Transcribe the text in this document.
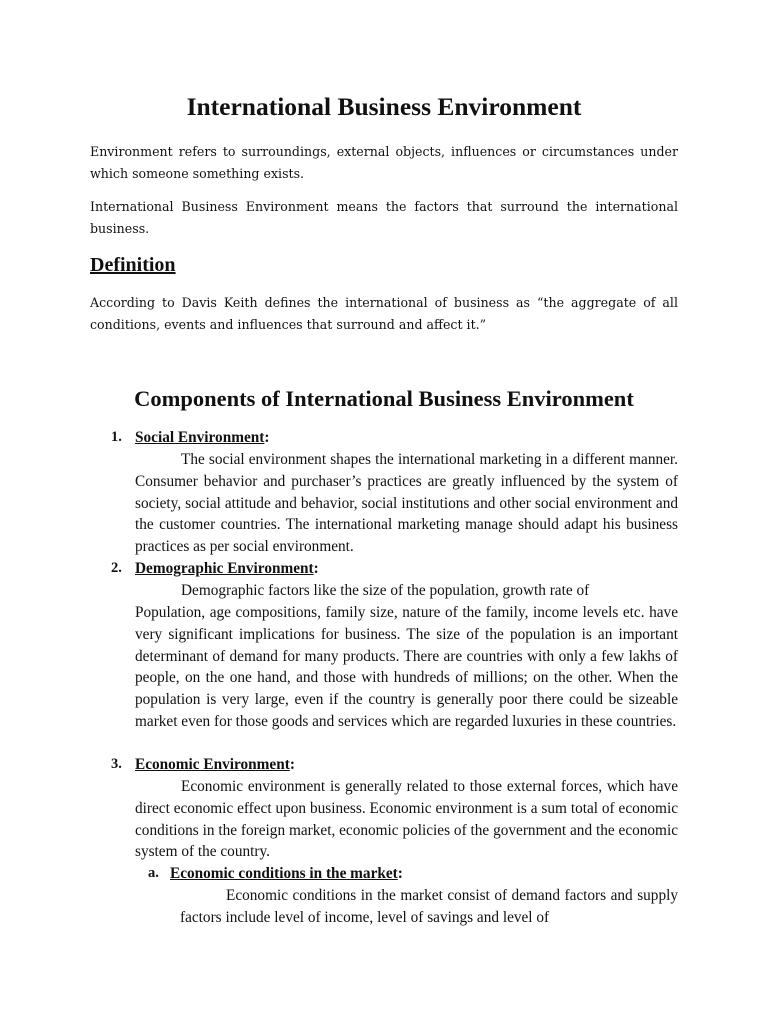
International Business Environment

Environment refers to surroundings, external objects, influences or circumstances under which someone something exists.

International Business Environment means the factors that surround the international business.

Definition

According to Davis Keith defines the international of business as “the aggregate of all conditions, events and influences that surround and affect it.”

Components of International Business Environment
1. Social Environment:

The social environment shapes the international marketing in a different manner. Consumer behavior and purchaser’s practices are greatly influenced by the system of society, social attitude and behavior, social institutions and other social environment and the customer countries. The international marketing manage should adapt his business practices as per social environment.

2. Demographic Environment:

Demographic factors like the size of the population, growth rate of

Population, age compositions, family size, nature of the family, income levels etc. have very significant implications for business. The size of the population is an important determinant of demand for many products. There are countries with only a few lakhs of people, on the one hand, and those with hundreds of millions; on the other. When the population is very large, even if the country is generally poor there could be sizeable market even for those goods and services which are regarded luxuries in these countries.

3. Economic Environment:

Economic environment is generally related to those external forces, which have direct economic effect upon business. Economic environment is a sum total of economic conditions in the foreign market, economic policies of the government and the economic system of the country.

a. Economic conditions in the market:

Economic conditions in the market consist of demand factors and supply factors include level of income, level of savings and level of
